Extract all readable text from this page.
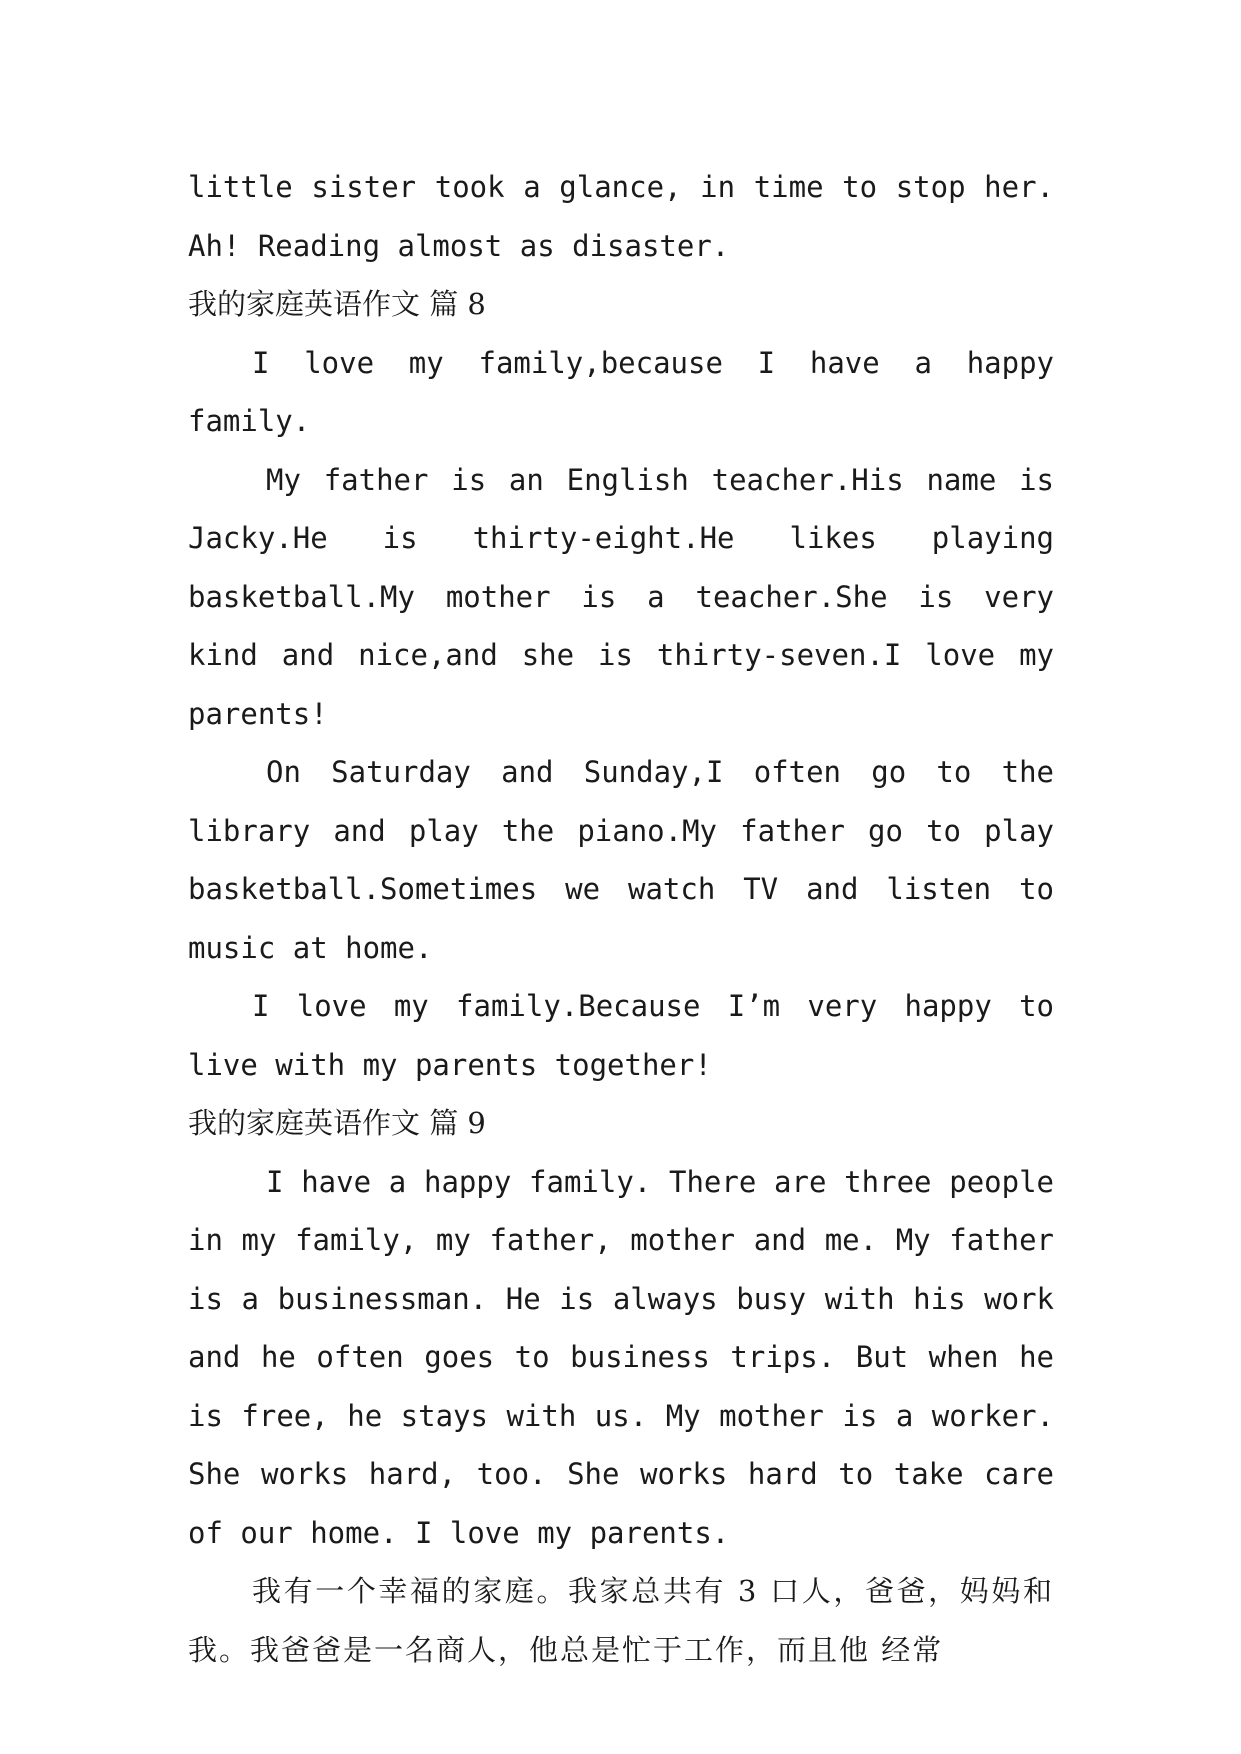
little sister took a glance, in time to stop her. Ah! Reading almost as disaster.

我的家庭英语作文 篇 8

I love my family,because I have a happy family.

My father is an English teacher.His name is Jacky.He is thirty-eight.He likes playing basketball.My mother is a teacher.She is very kind and nice,and she is thirty-seven.I love my parents!

On Saturday and Sunday,I often go to the library and play the piano.My father go to play basketball.Sometimes we watch TV and listen to music at home.

I love my family.Because I’m very happy to live with my parents together!

我的家庭英语作文 篇 9

I have a happy family. There are three people in my family, my father, mother and me. My father is a businessman. He is always busy with his work and he often goes to business trips. But when he is free, he stays with us. My mother is a worker. She works hard, too. She works hard to take care of our home. I love my parents.

我有一个幸福的家庭。我家总共有 3 口人，爸爸，妈妈和我。我爸爸是一名商人，他总是忙于工作，而且他 经常
